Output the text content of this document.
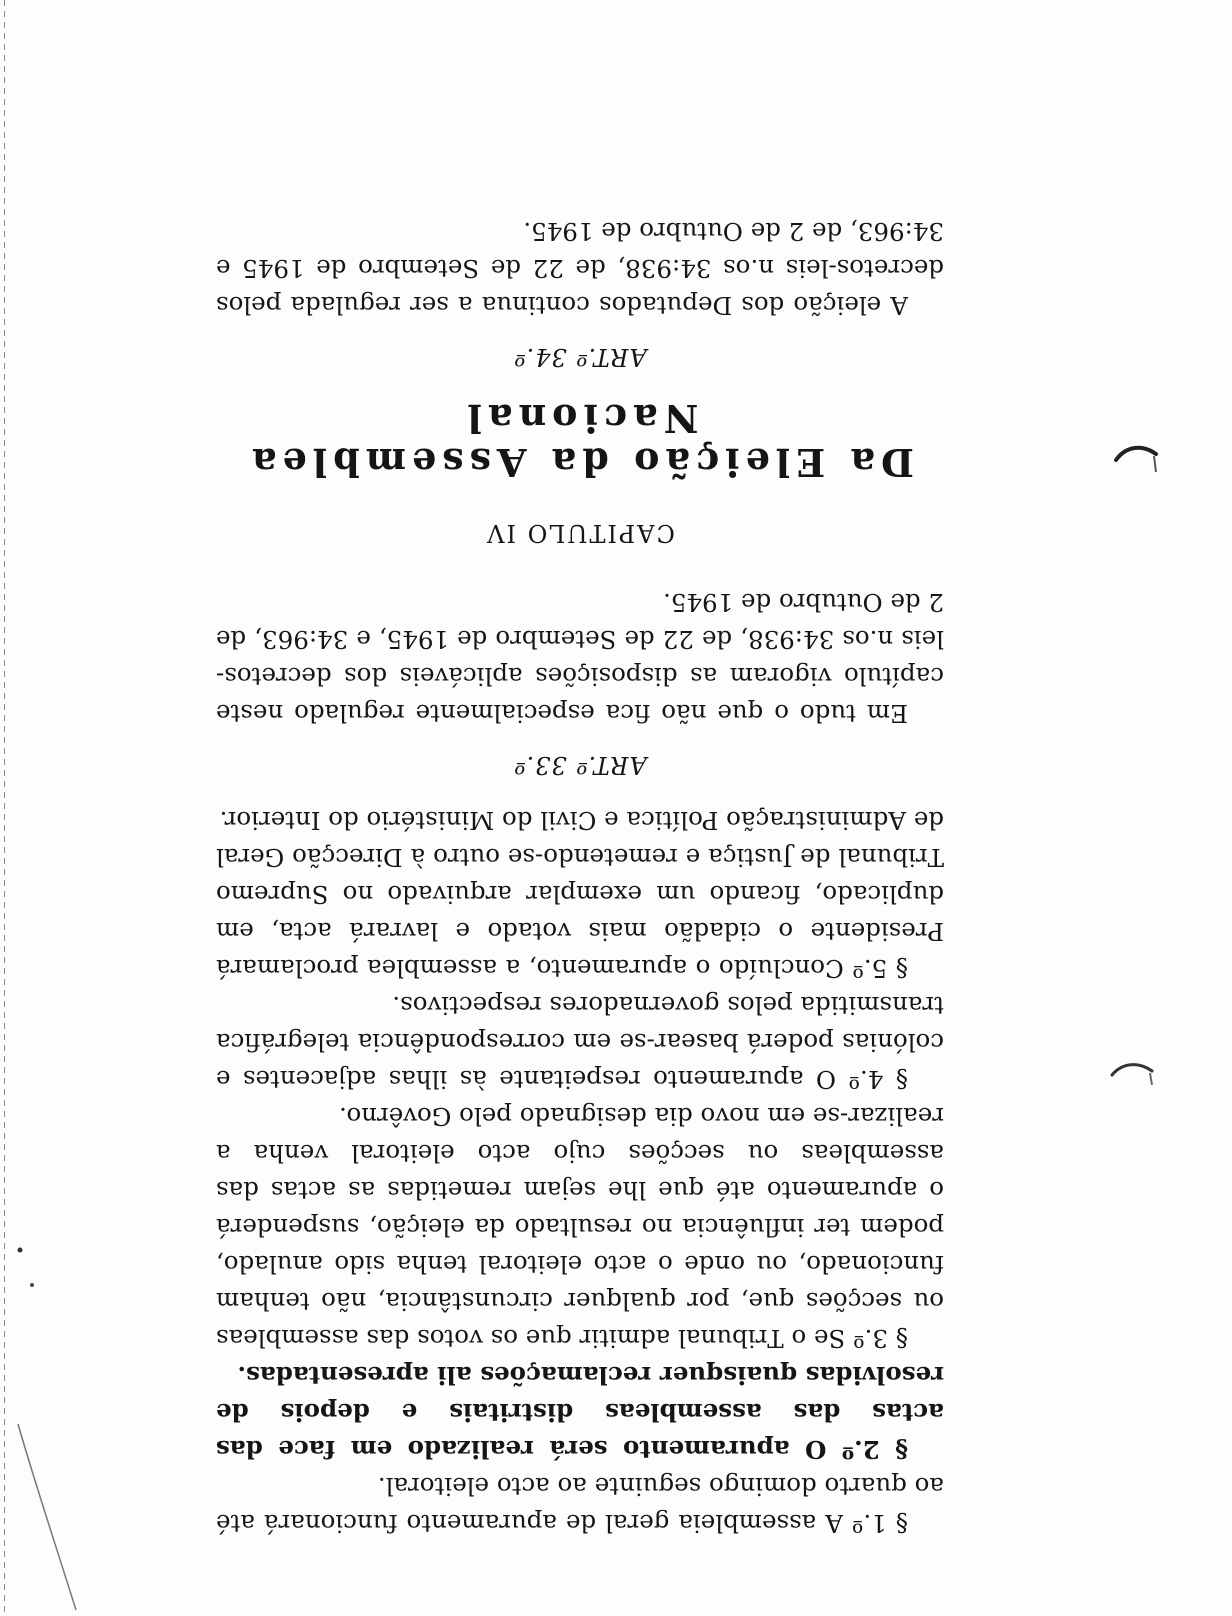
§ 1.º A assembleia geral de apuramento funcionará até ao quarto domingo seguinte ao acto eleitoral.

§ 2.º O apuramento será realizado em face das actas das assembleas distritais e depois de resolvidas quaisquer reclamações ali apresentadas.

§ 3.º Se o Tribunal admitir que os votos das assembleas ou secções que, por qualquer circunstância, não tenham funcionado, ou onde o acto eleitoral tenha sido anulado, podem ter influência no resultado da eleição, suspenderá o apuramento até que lhe sejam remetidas as actas das assembleas ou secções cujo acto eleitoral venha a realizar-se em novo dia designado pelo Govêrno.

§ 4.º O apuramento respeitante às ilhas adjacentes e colónias poderá basear-se em correspondência telegráfica transmitida pelos governadores respectivos.

§ 5.º Concluído o apuramento, a assemblea proclamará Presidente o cidadão mais votado e lavrará acta, em duplicado, ficando um exemplar arquivado no Supremo Tribunal de Justiça e remetendo-se outro à Direcção Geral de Administração Política e Civil do Ministério do Interior.

ART.º 33.º

Em tudo o que não fica especialmente regulado neste capítulo vigoram as disposições aplicáveis dos decretos-leis n.os 34:938, de 22 de Setembro de 1945, e 34:963, de 2 de Outubro de 1945.

CAPITULO IV
Da Eleição da Assemblea Nacional
ART.º 34.º

A eleição dos Deputados continua a ser regulada pelos decretos-leis n.os 34:938, de 22 de Setembro de 1945 e 34:963, de 2 de Outubro de 1945.
